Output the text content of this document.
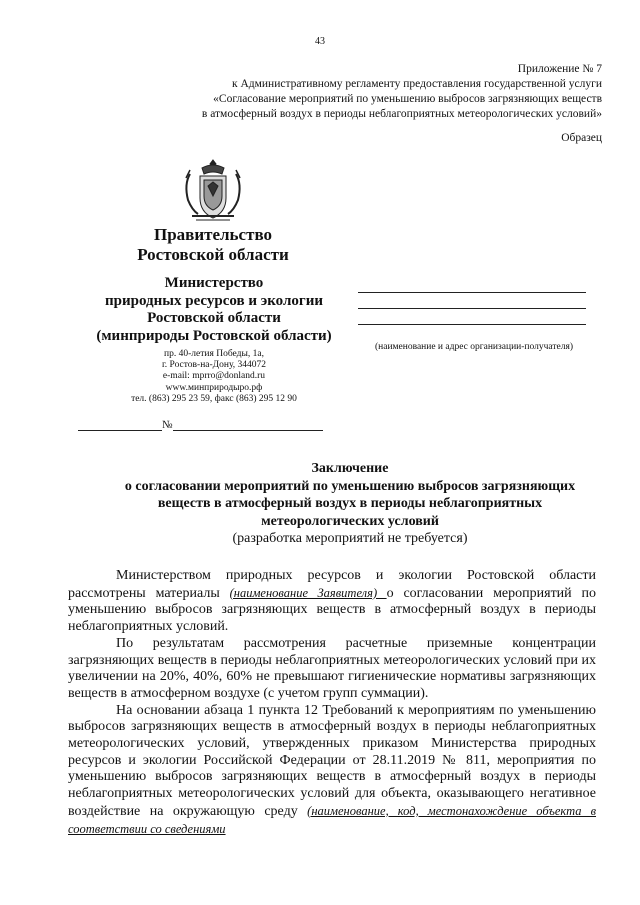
43
Приложение № 7
к Административному регламенту предоставления государственной услуги
«Согласование мероприятий по уменьшению выбросов загрязняющих веществ
в атмосферный воздух в периоды неблагоприятных метеорологических условий»
Образец
Правительство
Ростовской области
Министерство
природных ресурсов и экологии
Ростовской области
(минприроды Ростовской области)
пр. 40-летия Победы, 1а,
г. Ростов-на-Дону, 344072
e-mail: mprro@donland.ru
www.минприродыро.рф
тел. (863) 295 23 59, факс (863) 295 12 90
(наименование и адрес организации-получателя)
№
Заключение
о согласовании мероприятий по уменьшению выбросов загрязняющих
веществ в атмосферный воздух в периоды неблагоприятных
метеорологических условий
(разработка мероприятий не требуется)

Министерством природных ресурсов и экологии Ростовской области рассмотрены материалы (наименование Заявителя) о согласовании мероприятий по уменьшению выбросов загрязняющих веществ в атмосферный воздух в периоды неблагоприятных условий.

По результатам рассмотрения расчетные приземные концентрации загрязняющих веществ в периоды неблагоприятных метеорологических условий при их увеличении на 20%, 40%, 60% не превышают гигиенические нормативы загрязняющих веществ в атмосферном воздухе (с учетом групп суммации).

На основании абзаца 1 пункта 12 Требований к мероприятиям по уменьшению выбросов загрязняющих веществ в атмосферный воздух в периоды неблагоприятных метеорологических условий, утвержденных приказом Министерства природных ресурсов и экологии Российской Федерации от 28.11.2019 № 811, мероприятия по уменьшению выбросов загрязняющих веществ в атмосферный воздух в периоды неблагоприятных метеорологических условий для объекта, оказывающего негативное воздействие на окружающую среду (наименование, код, местонахождение объекта в соответствии со сведениями
